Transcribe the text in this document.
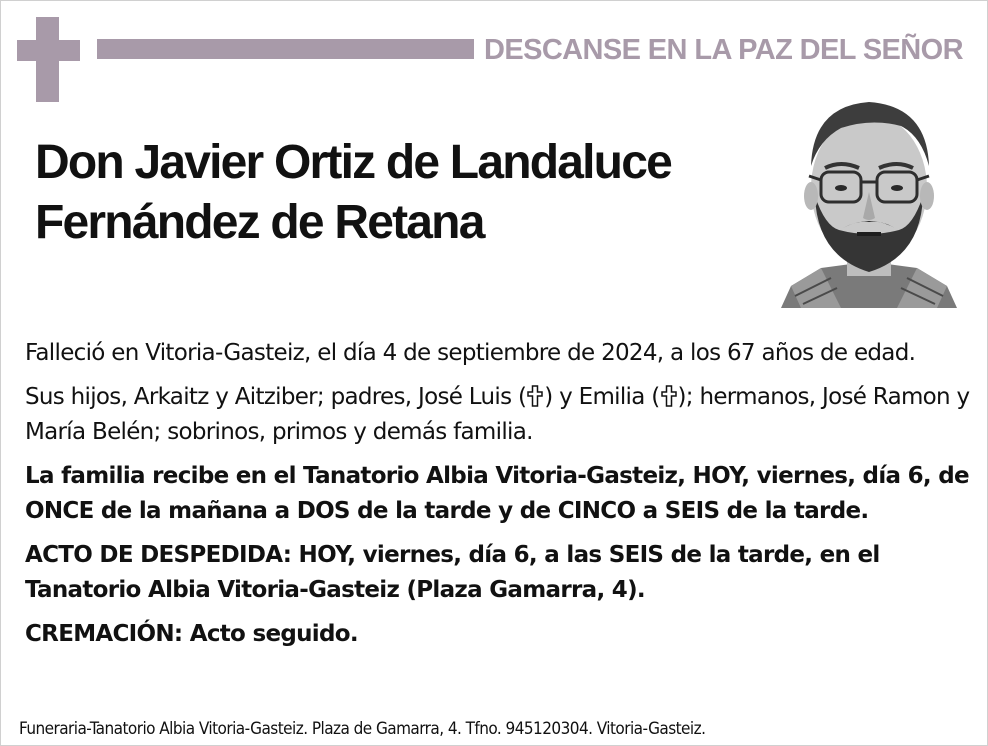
DESCANSE EN LA PAZ DEL SEÑOR
Don Javier Ortiz de Landaluce
Fernández de Retana

Falleció en Vitoria-Gasteiz, el día 4 de septiembre de 2024, a los 67 años de edad.

Sus hijos, Arkaitz y Aitziber; padres, José Luis ( ) y Emilia ( ); hermanos, José Ramon y María Belén; sobrinos, primos y demás familia.

La familia recibe en el Tanatorio Albia Vitoria-Gasteiz, HOY, viernes, día 6, de ONCE de la mañana a DOS de la tarde y de CINCO a SEIS de la tarde.

ACTO DE DESPEDIDA: HOY, viernes, día 6, a las SEIS de la tarde, en el Tanatorio Albia Vitoria-Gasteiz (Plaza Gamarra, 4).

CREMACIÓN: Acto seguido.

Funeraria-Tanatorio Albia Vitoria-Gasteiz. Plaza de Gamarra, 4. Tfno. 945120304. Vitoria-Gasteiz.
